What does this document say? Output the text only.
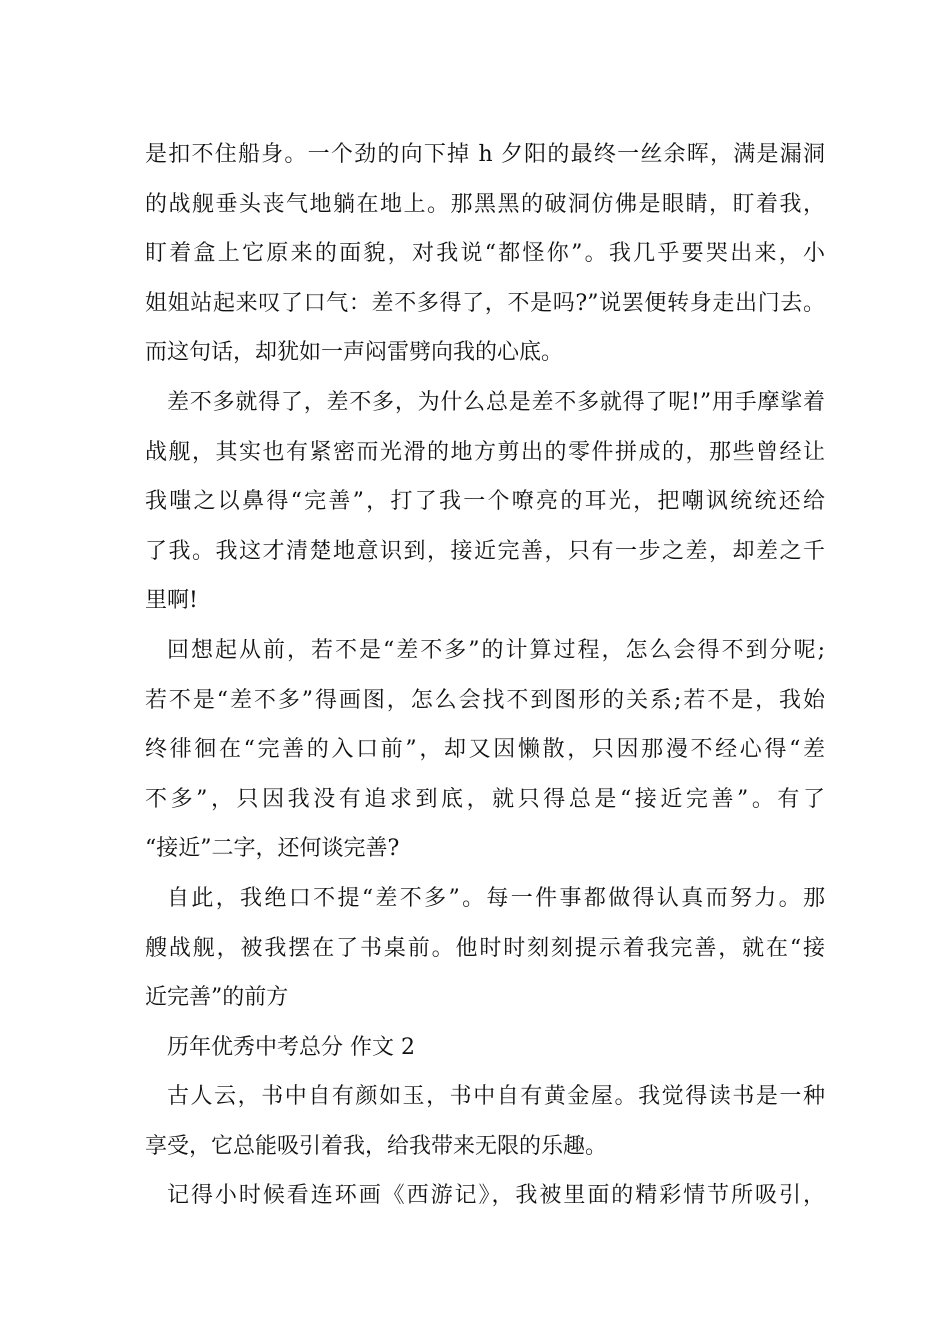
是扣不住船身。一个劲的向下掉 h 夕阳的最终一丝余晖，满是漏洞
的战舰垂头丧气地躺在地上。那黑黑的破洞仿佛是眼睛，盯着我，
盯着盒上它原来的面貌，对我说“都怪你”。我几乎要哭出来，小
姐姐站起来叹了口气：差不多得了，不是吗?”说罢便转身走出门去。
而这句话，却犹如一声闷雷劈向我的心底。
差不多就得了，差不多，为什么总是差不多就得了呢!”用手摩挲着
战舰，其实也有紧密而光滑的地方剪出的零件拼成的，那些曾经让
我嗤之以鼻得“完善”，打了我一个嘹亮的耳光，把嘲讽统统还给
了我。我这才清楚地意识到，接近完善，只有一步之差，却差之千
里啊!
回想起从前，若不是“差不多”的计算过程，怎么会得不到分呢;
若不是“差不多”得画图，怎么会找不到图形的关系;若不是，我始
终徘徊在“完善的入口前”，却又因懒散，只因那漫不经心得“差
不多”，只因我没有追求到底，就只得总是“接近完善”。有了
“接近”二字，还何谈完善?
自此，我绝口不提“差不多”。每一件事都做得认真而努力。那
艘战舰，被我摆在了书桌前。他时时刻刻提示着我完善，就在“接
近完善”的前方
历年优秀中考总分 作文 2
古人云，书中自有颜如玉，书中自有黄金屋。我觉得读书是一种
享受，它总能吸引着我，给我带来无限的乐趣。
记得小时候看连环画《西游记》，我被里面的精彩情节所吸引，
